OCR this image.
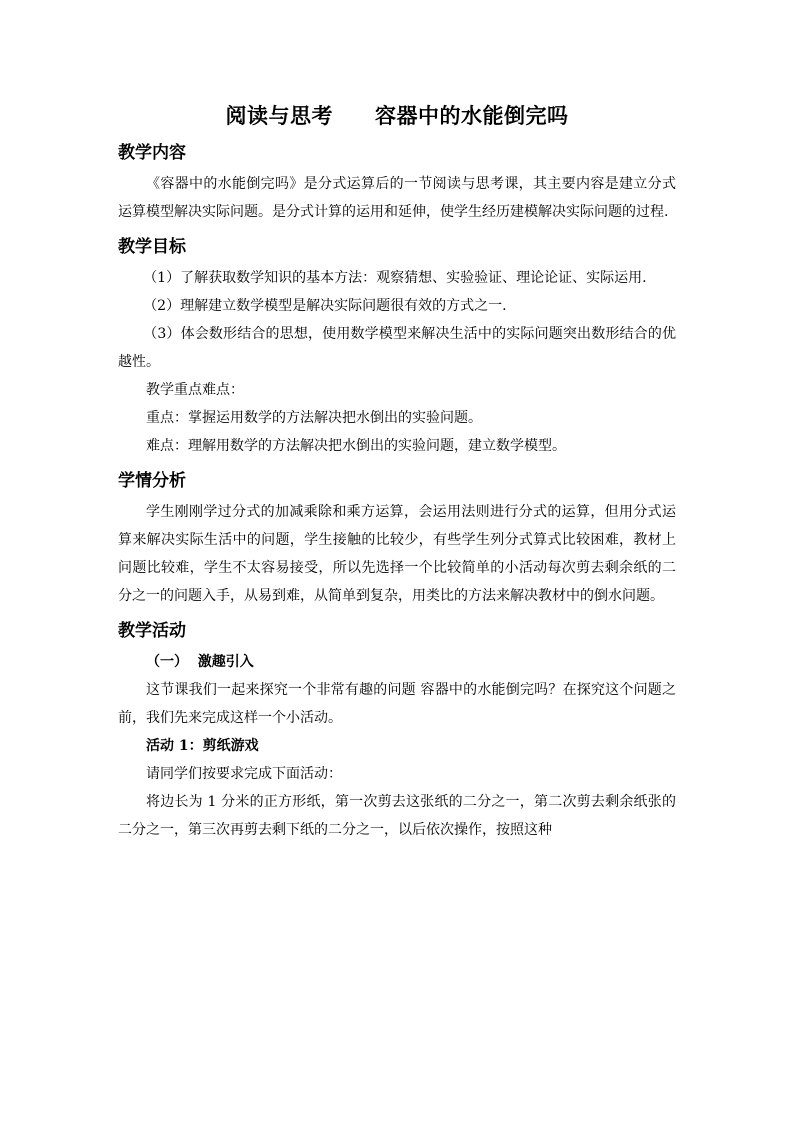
阅读与思考 容器中的水能倒完吗
教学内容

《容器中的水能倒完吗》是分式运算后的一节阅读与思考课，其主要内容是建立分式运算模型解决实际问题。是分式计算的运用和延伸，使学生经历建模解决实际问题的过程.

教学目标

（1）了解获取数学知识的基本方法：观察猜想、实验验证、理论论证、实际运用.

（2）理解建立数学模型是解决实际问题很有效的方式之一.

（3）体会数形结合的思想，使用数学模型来解决生活中的实际问题突出数形结合的优越性。

教学重点难点：

重点：掌握运用数学的方法解决把水倒出的实验问题。

难点：理解用数学的方法解决把水倒出的实验问题，建立数学模型。

学情分析

学生刚刚学过分式的加减乘除和乘方运算，会运用法则进行分式的运算，但用分式运算来解决实际生活中的问题，学生接触的比较少，有些学生列分式算式比较困难，教材上问题比较难，学生不太容易接受，所以先选择一个比较简单的小活动每次剪去剩余纸的二分之一的问题入手，从易到难，从简单到复杂，用类比的方法来解决教材中的倒水问题。

教学活动

（一）  激趣引入

这节课我们一起来探究一个非常有趣的问题 容器中的水能倒完吗？在探究这个问题之前，我们先来完成这样一个小活动。

活动 1：剪纸游戏

请同学们按要求完成下面活动：

将边长为 1 分米的正方形纸，第一次剪去这张纸的二分之一，第二次剪去剩余纸张的二分之一，第三次再剪去剩下纸的二分之一，以后依次操作，按照这种
